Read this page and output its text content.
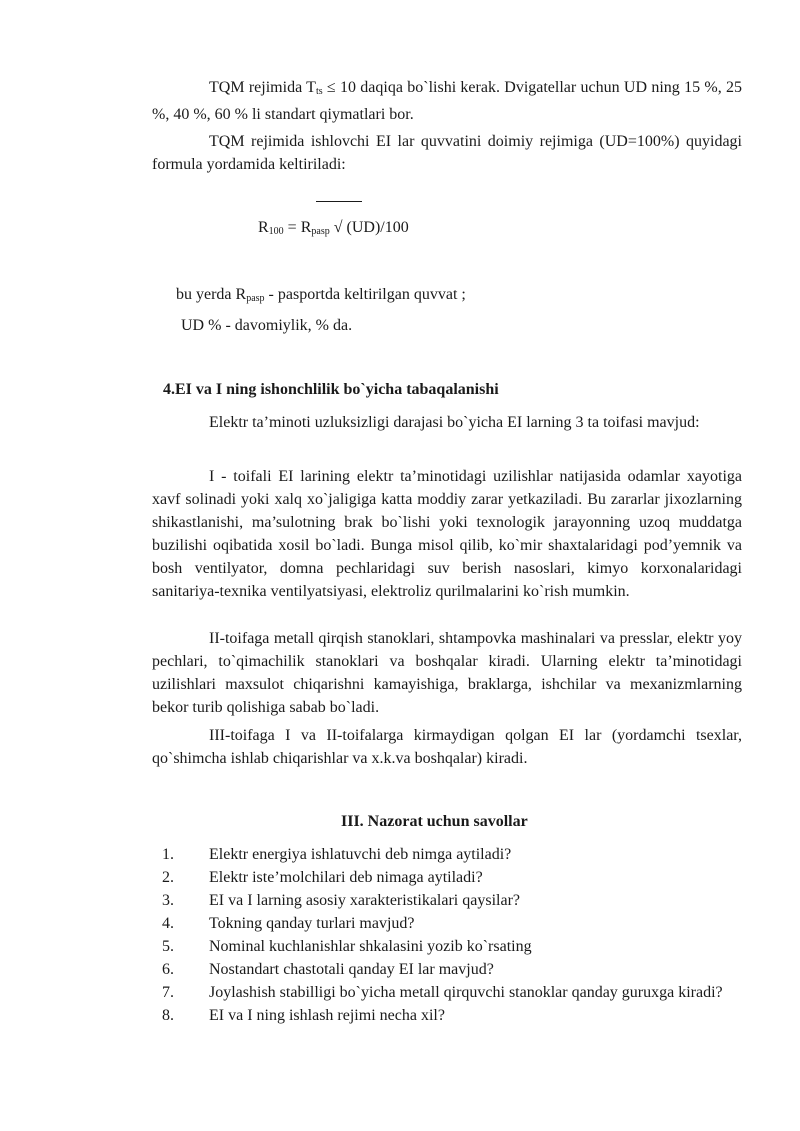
TQM rejimida $T_{ts} \le 10$ daqiqa bo`lishi kerak. Dvigatellar uchun UD ning 15 %, 25 %, 40 %, 60 % li standart qiymatlari bor.

TQM rejimida ishlovchi EI lar quvvatini doimiy rejimiga (UD=100%) quyidagi formula yordamida keltiriladi:

$R_{100} = R_{pasp}$ √ (UD)/100
bu yerda $R_{pasp}$ - pasportda keltirilgan quvvat ;
UD % - davomiylik, % da.
4.EI va I ning ishonchlilik bo`yicha tabaqalanishi

Elektr ta’minoti uzluksizligi darajasi bo`yicha EI larning 3 ta toifasi mavjud:

I - toifali EI larining elektr ta’minotidagi uzilishlar natijasida odamlar xayotiga xavf solinadi yoki xalq xo`jaligiga katta moddiy zarar yetkaziladi. Bu zararlar jixozlarning shikastlanishi, ma’sulotning brak bo`lishi yoki texnologik jarayonning uzoq muddatga buzilishi oqibatida xosil bo`ladi. Bunga misol qilib, ko`mir shaxtalaridagi pod’yemnik va bosh ventilyator, domna pechlaridagi suv berish nasoslari, kimyo korxonalaridagi sanitariya-texnika ventilyatsiyasi, elektroliz qurilmalarini ko`rish mumkin.

II-toifaga metall qirqish stanoklari, shtampovka mashinalari va presslar, elektr yoy pechlari, to`qimachilik stanoklari va boshqalar kiradi. Ularning elektr ta’minotidagi uzilishlari maxsulot chiqarishni kamayishiga, braklarga, ishchilar va mexanizmlarning bekor turib qolishiga sabab bo`ladi.

III-toifaga I va II-toifalarga kirmaydigan qolgan EI lar (yordamchi tsexlar, qo`shimcha ishlab chiqarishlar va x.k.va boshqalar) kiradi.

III. Nazorat uchun savollar
1. Elektr energiya ishlatuvchi deb nimga aytiladi?
2. Elektr iste’molchilari deb nimaga aytiladi?
3. EI va I larning asosiy xarakteristikalari qaysilar?
4. Tokning qanday turlari mavjud?
5. Nominal kuchlanishlar shkalasini yozib ko`rsating
6. Nostandart chastotali qanday EI lar mavjud?
7. Joylashish stabilligi bo`yicha metall qirquvchi stanoklar qanday guruxga kiradi?
8. EI va I ning ishlash rejimi necha xil?
